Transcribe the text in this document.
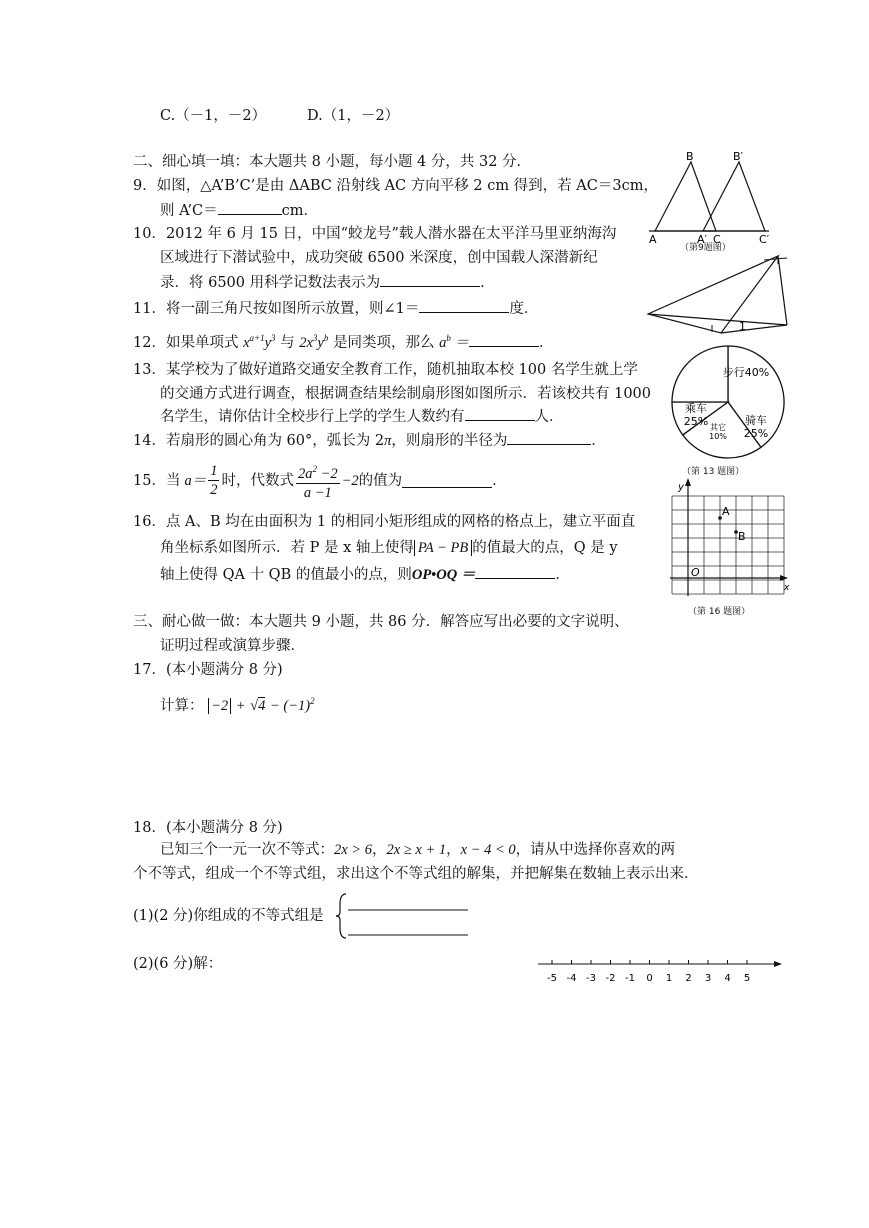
C.（－1，－2）	D.（1，－2）
二、细心填一填：本大题共 8 小题，每小题 4 分，共 32 分．
9．如图，△A’B’C’是由 ΔABC 沿射线 AC 方向平移 2 cm 得到，若 AC＝3cm，
则 A’C＝	cm．
10．2012 年 6 月 15 日，中国“蛟龙号”载人潜水器在太平洋马里亚纳海沟
区域进行下潜试验中，成功突破 6500 米深度，创中国载人深潜新纪
录．将 6500 用科学记数法表示为	．
11．将一副三角尺按如图所示放置，则∠1＝	度．
12．如果单项式 $x^{a+1}y^3$ 与 $2x^3y^b$ 是同类项，那么 $a^b$ ＝	．
13．某学校为了做好道路交通安全教育工作，随机抽取本校 100 名学生就上学
的交通方式进行调查，根据调查结果绘制扇形图如图所示．若该校共有 1000
名学生，请你估计全校步行上学的学生人数约有	人．
14．若扇形的圆心角为 60°，弧长为 2π，则扇形的半径为	．
15．当 $a= \frac{1}{2}$ 时，代数式 $\frac{2a^2 -2}{a -1} -2$ 的值为	．
16．点 A、B 均在由面积为 1 的相同小矩形组成的网格的格点上，建立平面直
角坐标系如图所示．若 P 是 x 轴上使得 PA − PB 的值最大的点，Q 是 y
轴上使得 QA 十 QB 的值最小的点，则OP•OQ ＝	．
三、耐心做一做：本大题共 9 小题，共 86 分．解答应写出必要的文字说明、
证明过程或演算步骤．
17．(本小题满分 8 分)
计算： $-2 + √4 - (-1)^2$
18．(本小题满分 8 分)
已知三个一元一次不等式：2x > 6，2x ≥ x + 1，x − 4 < 0，请从中选择你喜欢的两
个不等式，组成一个不等式组，求出这个不等式组的解集，并把解集在数轴上表示出来．
(1)(2 分)你组成的不等式组是
(2)(6 分)解：
-5 -4 -3 -2 -1 0 1 2 3 4 5
B	B′
A	A′ C	C′
（第9题图）
1
步行40%
骑车 25%
其它 10%
乘车 25%
（第 13 题图）
y
A
B
O
x
（第 16 题图）
